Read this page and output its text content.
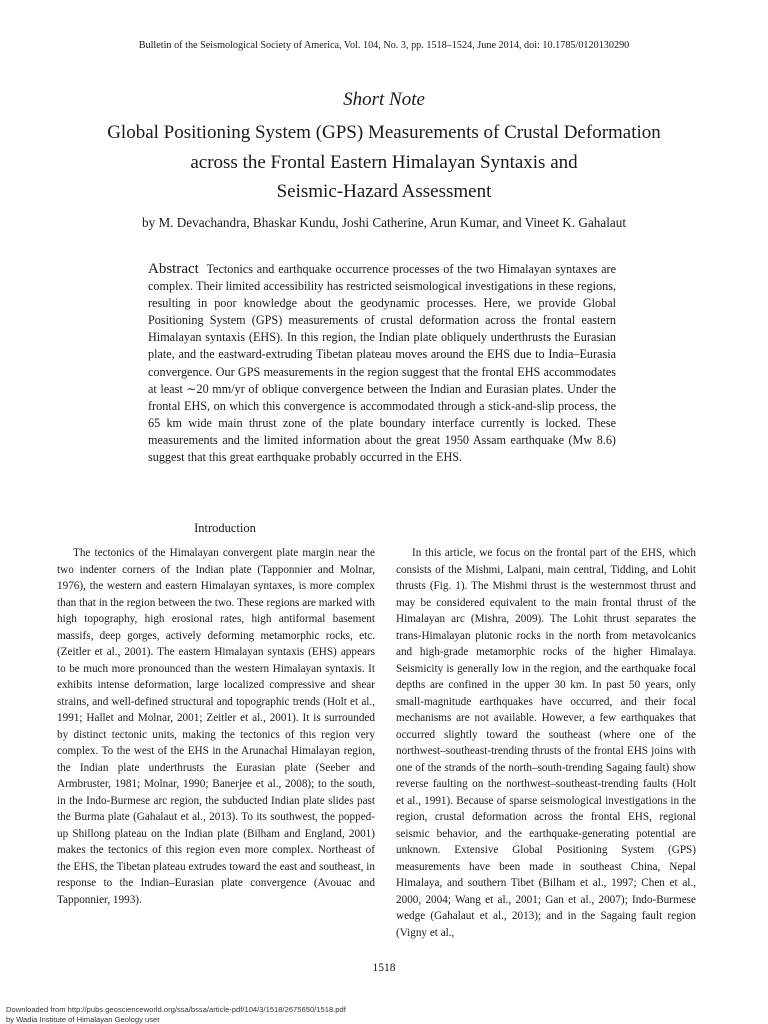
Bulletin of the Seismological Society of America, Vol. 104, No. 3, pp. 1518–1524, June 2014, doi: 10.1785/0120130290
Short Note
Global Positioning System (GPS) Measurements of Crustal Deformation
across the Frontal Eastern Himalayan Syntaxis and
Seismic-Hazard Assessment
by M. Devachandra, Bhaskar Kundu, Joshi Catherine, Arun Kumar, and Vineet K. Gahalaut
Abstract Tectonics and earthquake occurrence processes of the two Himalayan syntaxes are complex. Their limited accessibility has restricted seismological investigations in these regions, resulting in poor knowledge about the geodynamic processes. Here, we provide Global Positioning System (GPS) measurements of crustal deformation across the frontal eastern Himalayan syntaxis (EHS). In this region, the Indian plate obliquely underthrusts the Eurasian plate, and the eastward-extruding Tibetan plateau moves around the EHS due to India–Eurasia convergence. Our GPS measurements in the region suggest that the frontal EHS accommodates at least ∼20 mm/yr of oblique convergence between the Indian and Eurasian plates. Under the frontal EHS, on which this convergence is accommodated through a stick-and-slip process, the 65 km wide main thrust zone of the plate boundary interface currently is locked. These measurements and the limited information about the great 1950 Assam earthquake (Mw 8.6) suggest that this great earthquake probably occurred in the EHS.
Introduction

The tectonics of the Himalayan convergent plate margin near the two indenter corners of the Indian plate (Tapponnier and Molnar, 1976), the western and eastern Himalayan syntaxes, is more complex than that in the region between the two. These regions are marked with high topography, high erosional rates, high antiformal basement massifs, deep gorges, actively deforming metamorphic rocks, etc. (Zeitler et al., 2001). The eastern Himalayan syntaxis (EHS) appears to be much more pronounced than the western Himalayan syntaxis. It exhibits intense deformation, large localized compressive and shear strains, and well-defined structural and topographic trends (Holt et al., 1991; Hallet and Molnar, 2001; Zeitler et al., 2001). It is surrounded by distinct tectonic units, making the tectonics of this region very complex. To the west of the EHS in the Arunachal Himalayan region, the Indian plate underthrusts the Eurasian plate (Seeber and Armbruster, 1981; Molnar, 1990; Banerjee et al., 2008); to the south, in the Indo-Burmese arc region, the subducted Indian plate slides past the Burma plate (Gahalaut et al., 2013). To its southwest, the popped-up Shillong plateau on the Indian plate (Bilham and England, 2001) makes the tectonics of this region even more complex. Northeast of the EHS, the Tibetan plateau extrudes toward the east and southeast, in response to the Indian–Eurasian plate convergence (Avouac and Tapponnier, 1993).

In this article, we focus on the frontal part of the EHS, which consists of the Mishmi, Lalpani, main central, Tidding, and Lohit thrusts (Fig. 1). The Mishmi thrust is the westernmost thrust and may be considered equivalent to the main frontal thrust of the Himalayan arc (Mishra, 2009). The Lohit thrust separates the trans-Himalayan plutonic rocks in the north from metavolcanics and high-grade metamorphic rocks of the higher Himalaya. Seismicity is generally low in the region, and the earthquake focal depths are confined in the upper 30 km. In past 50 years, only small-magnitude earthquakes have occurred, and their focal mechanisms are not available. However, a few earthquakes that occurred slightly toward the southeast (where one of the northwest–southeast-trending thrusts of the frontal EHS joins with one of the strands of the north–south-trending Sagaing fault) show reverse faulting on the northwest–southeast-trending faults (Holt et al., 1991). Because of sparse seismological investigations in the region, crustal deformation across the frontal EHS, regional seismic behavior, and the earthquake-generating potential are unknown. Extensive Global Positioning System (GPS) measurements have been made in southeast China, Nepal Himalaya, and southern Tibet (Bilham et al., 1997; Chen et al., 2000, 2004; Wang et al., 2001; Gan et al., 2007); Indo-Burmese wedge (Gahalaut et al., 2013); and in the Sagaing fault region (Vigny et al.,

1518
Downloaded from http://pubs.geoscienceworld.org/ssa/bssa/article-pdf/104/3/1518/2675650/1518.pdf
by Wadia Institute of Himalayan Geology user
